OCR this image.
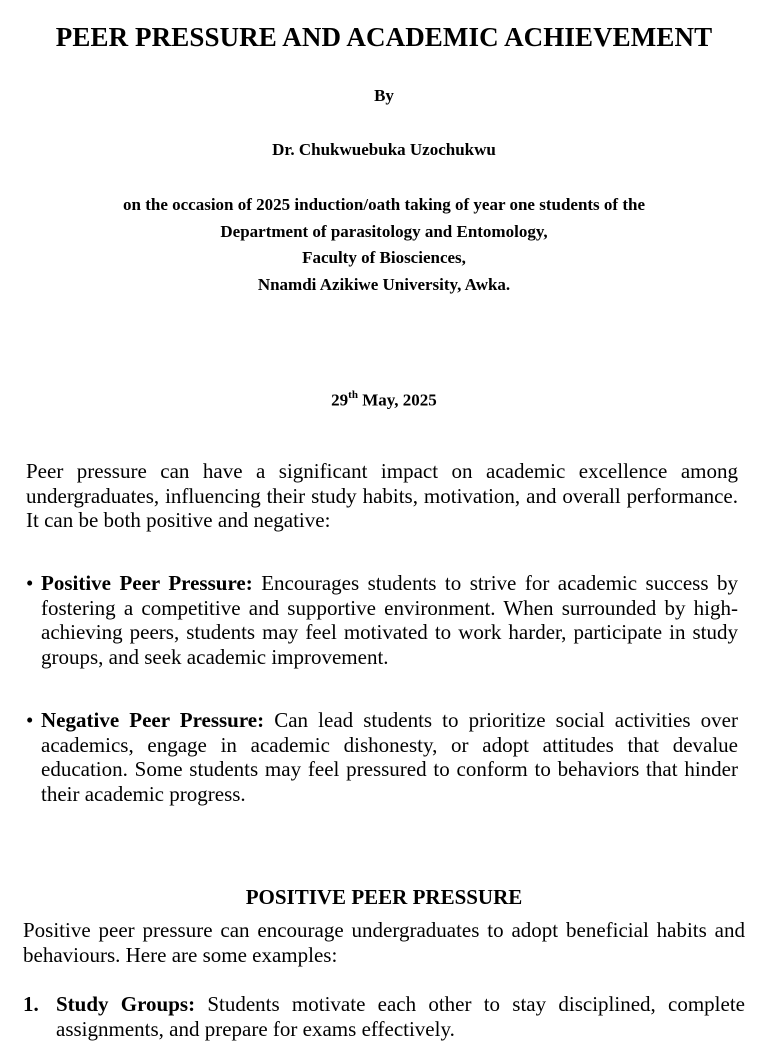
PEER PRESSURE AND ACADEMIC ACHIEVEMENT
By
Dr. Chukwuebuka Uzochukwu
on the occasion of 2025 induction/oath taking of year one students of the
Department of parasitology and Entomology,
Faculty of Biosciences,
Nnamdi Azikiwe University, Awka.
29th May, 2025
Peer pressure can have a significant impact on academic excellence among undergraduates, influencing their study habits, motivation, and overall performance. It can be both positive and negative:
• Positive Peer Pressure: Encourages students to strive for academic success by fostering a competitive and supportive environment. When surrounded by high-achieving peers, students may feel motivated to work harder, participate in study groups, and seek academic improvement.
• Negative Peer Pressure: Can lead students to prioritize social activities over academics, engage in academic dishonesty, or adopt attitudes that devalue education. Some students may feel pressured to conform to behaviors that hinder their academic progress.
POSITIVE PEER PRESSURE
Positive peer pressure can encourage undergraduates to adopt beneficial habits and behaviours. Here are some examples:
1. Study Groups: Students motivate each other to stay disciplined, complete assignments, and prepare for exams effectively.
